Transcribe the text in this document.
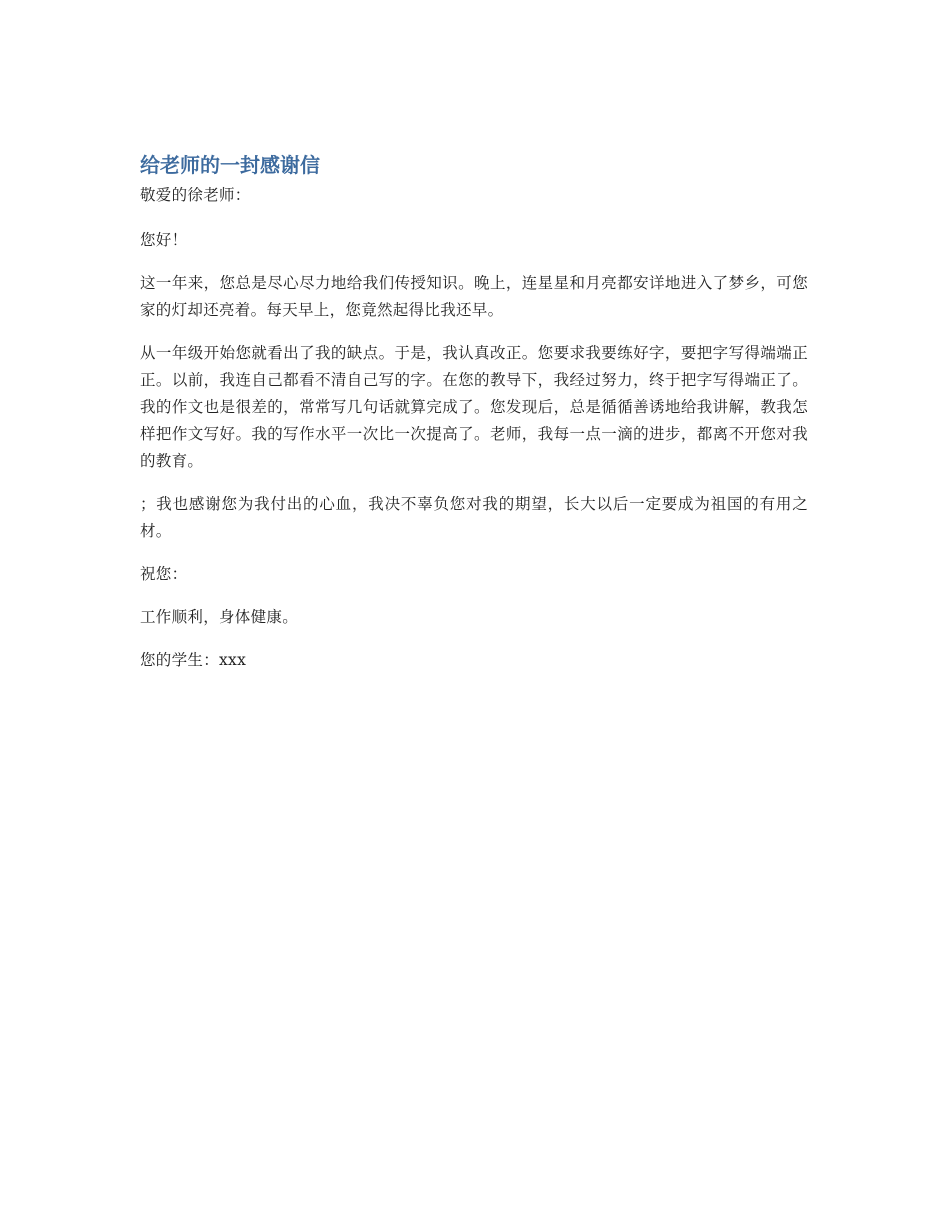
给老师的一封感谢信

敬爱的徐老师：

您好！

这一年来，您总是尽心尽力地给我们传授知识。晚上，连星星和月亮都安详地进入了梦乡，可您家的灯却还亮着。每天早上，您竟然起得比我还早。

从一年级开始您就看出了我的缺点。于是，我认真改正。您要求我要练好字，要把字写得端端正正。以前，我连自己都看不清自己写的字。在您的教导下，我经过努力，终于把字写得端正了。我的作文也是很差的，常常写几句话就算完成了。您发现后，总是循循善诱地给我讲解，教我怎样把作文写好。我的写作水平一次比一次提高了。老师，我每一点一滴的进步，都离不开您对我的教育。

；我也感谢您为我付出的心血，我决不辜负您对我的期望，长大以后一定要成为祖国的有用之材。

祝您：

工作顺利，身体健康。

您的学生：xxx
